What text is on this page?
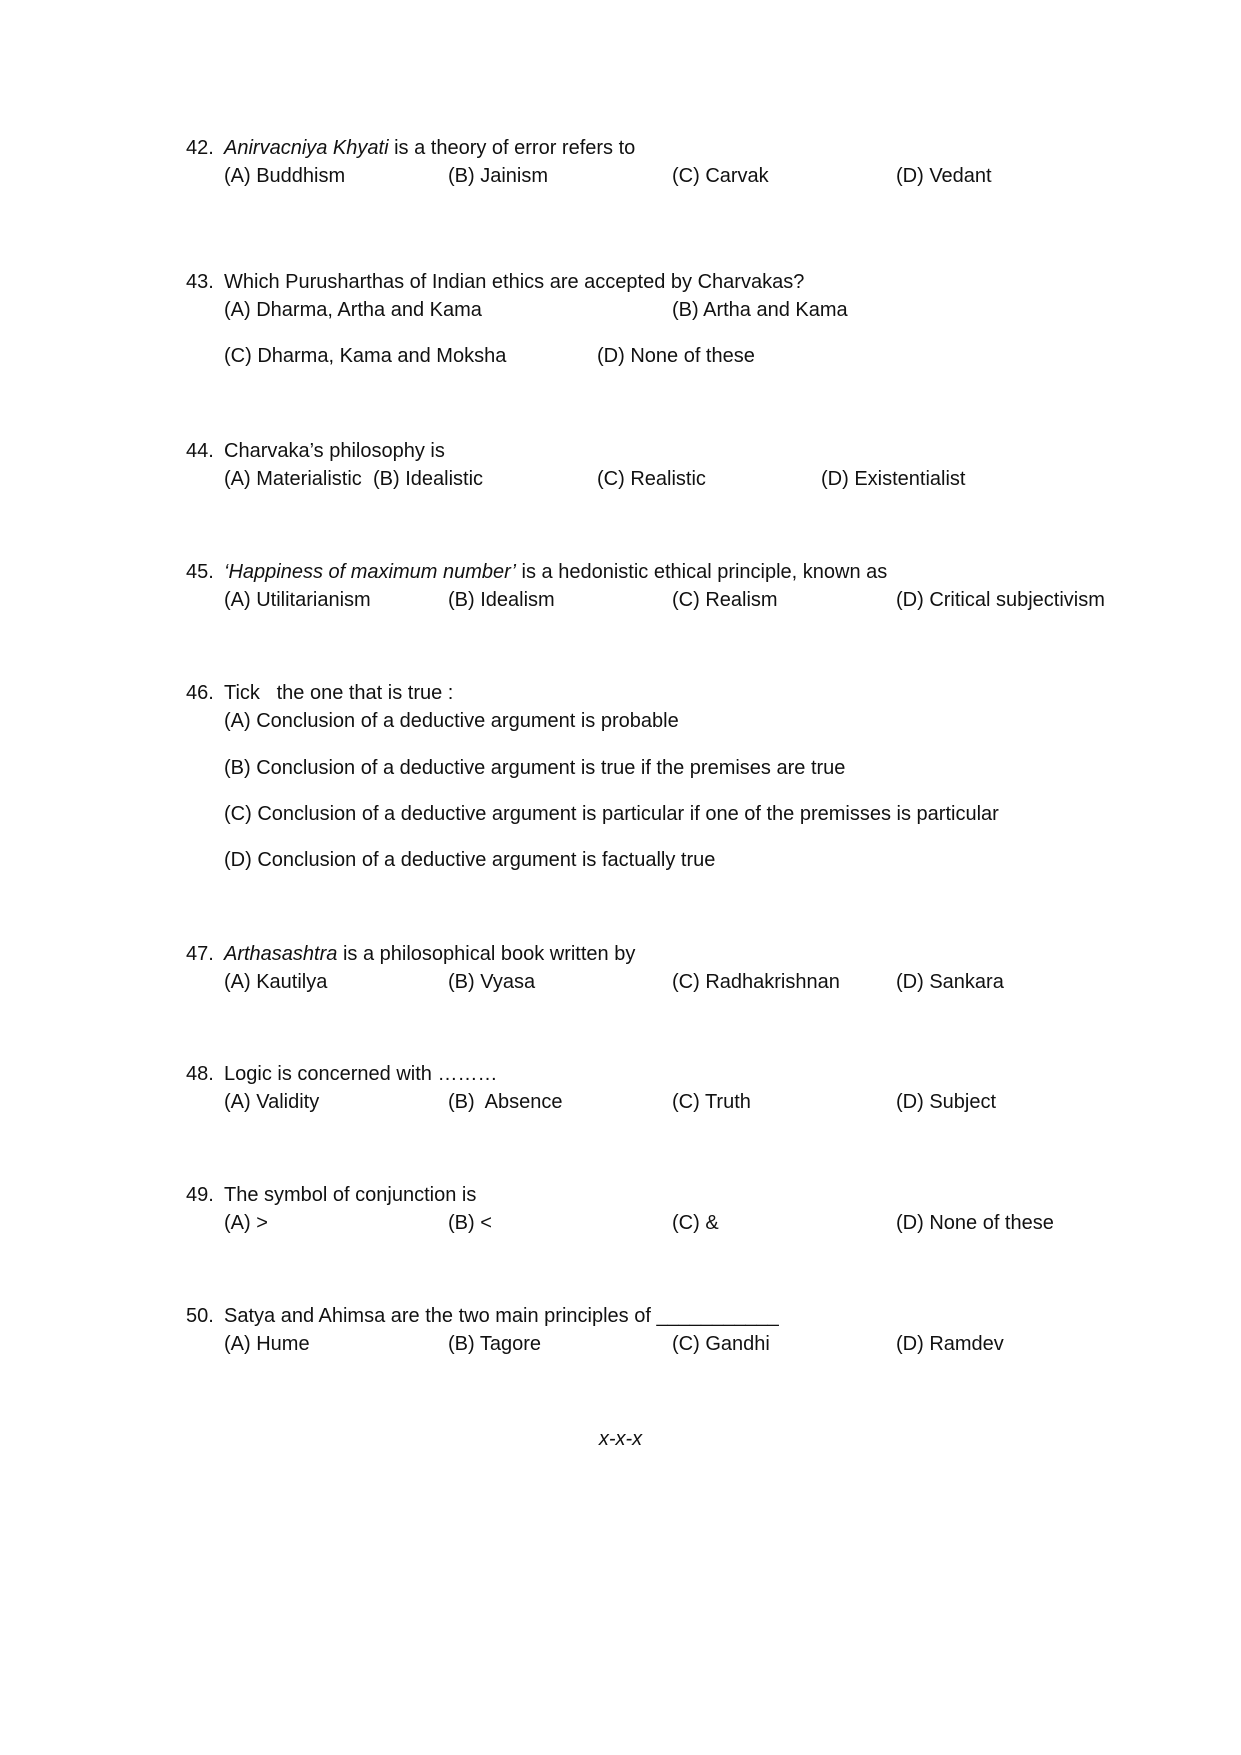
42. Anirvacniya Khyati is a theory of error refers to
(A) Buddhism	(B) Jainism	(C) Carvak	(D) Vedant
43. Which Purusharthas of Indian ethics are accepted by Charvakas?
(A) Dharma, Artha and Kama	(B) Artha and Kama
(C) Dharma, Kama and Moksha	(D) None of these
44. Charvaka’s philosophy is
(A) Materialistic (B) Idealistic	(C) Realistic	(D) Existentialist
45. ‘Happiness of maximum number’ is a hedonistic ethical principle, known as
(A) Utilitarianism	(B) Idealism	(C) Realism	(D) Critical subjectivism
46. Tick   the one that is true :
(A) Conclusion of a deductive argument is probable
(B) Conclusion of a deductive argument is true if the premises are true
(C) Conclusion of a deductive argument is particular if one of the premisses is particular
(D) Conclusion of a deductive argument is factually true
47. Arthasashtra is a philosophical book written by
(A) Kautilya	(B) Vyasa	(C) Radhakrishnan	(D) Sankara
48. Logic is concerned with ………
(A) Validity	(B)  Absence	(C) Truth	(D) Subject
49. The symbol of conjunction is
(A) >	(B) <	(C) &	(D) None of these
50. Satya and Ahimsa are the two main principles of ___________
(A) Hume	(B) Tagore	(C) Gandhi	(D) Ramdev
x-x-x
